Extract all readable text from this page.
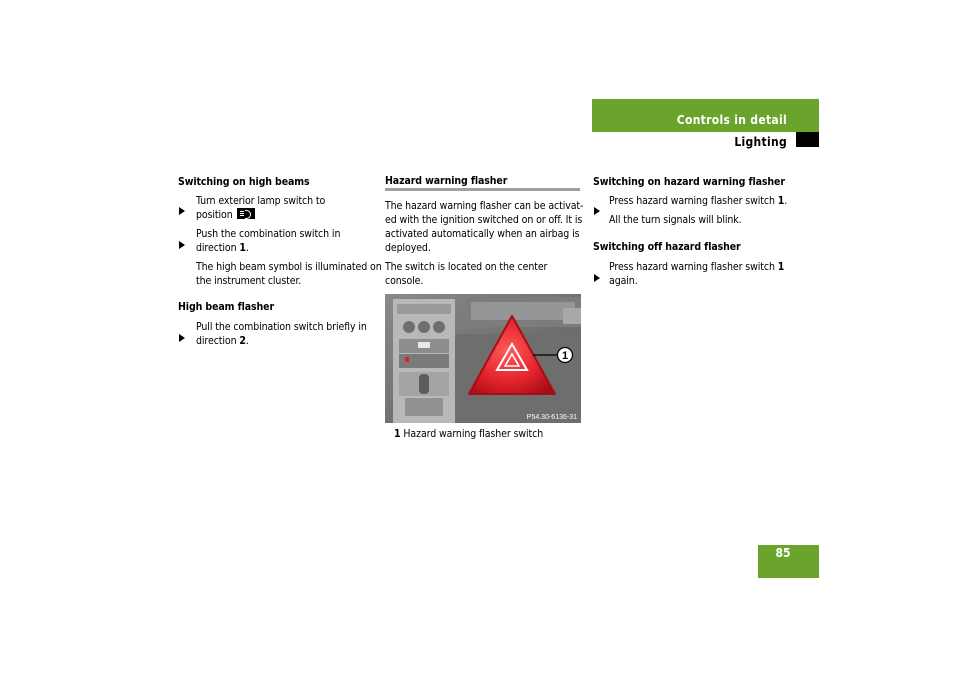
Controls in detail
Lighting
Switching on high beams
Turn exterior lamp switch to
position
Push the combination switch in
direction 1.
The high beam symbol is illuminated on
the instrument cluster.
High beam flasher
Pull the combination switch briefly in
direction 2.
Hazard warning flasher
The hazard warning flasher can be activat-
ed with the ignition switched on or off. It is
activated automatically when an airbag is
deployed.
The switch is located on the center
console.
1
P54.30-6136-31
1 Hazard warning flasher switch
Switching on hazard warning flasher
Press hazard warning flasher switch 1.
All the turn signals will blink.
Switching off hazard flasher
Press hazard warning flasher switch 1
again.
85
